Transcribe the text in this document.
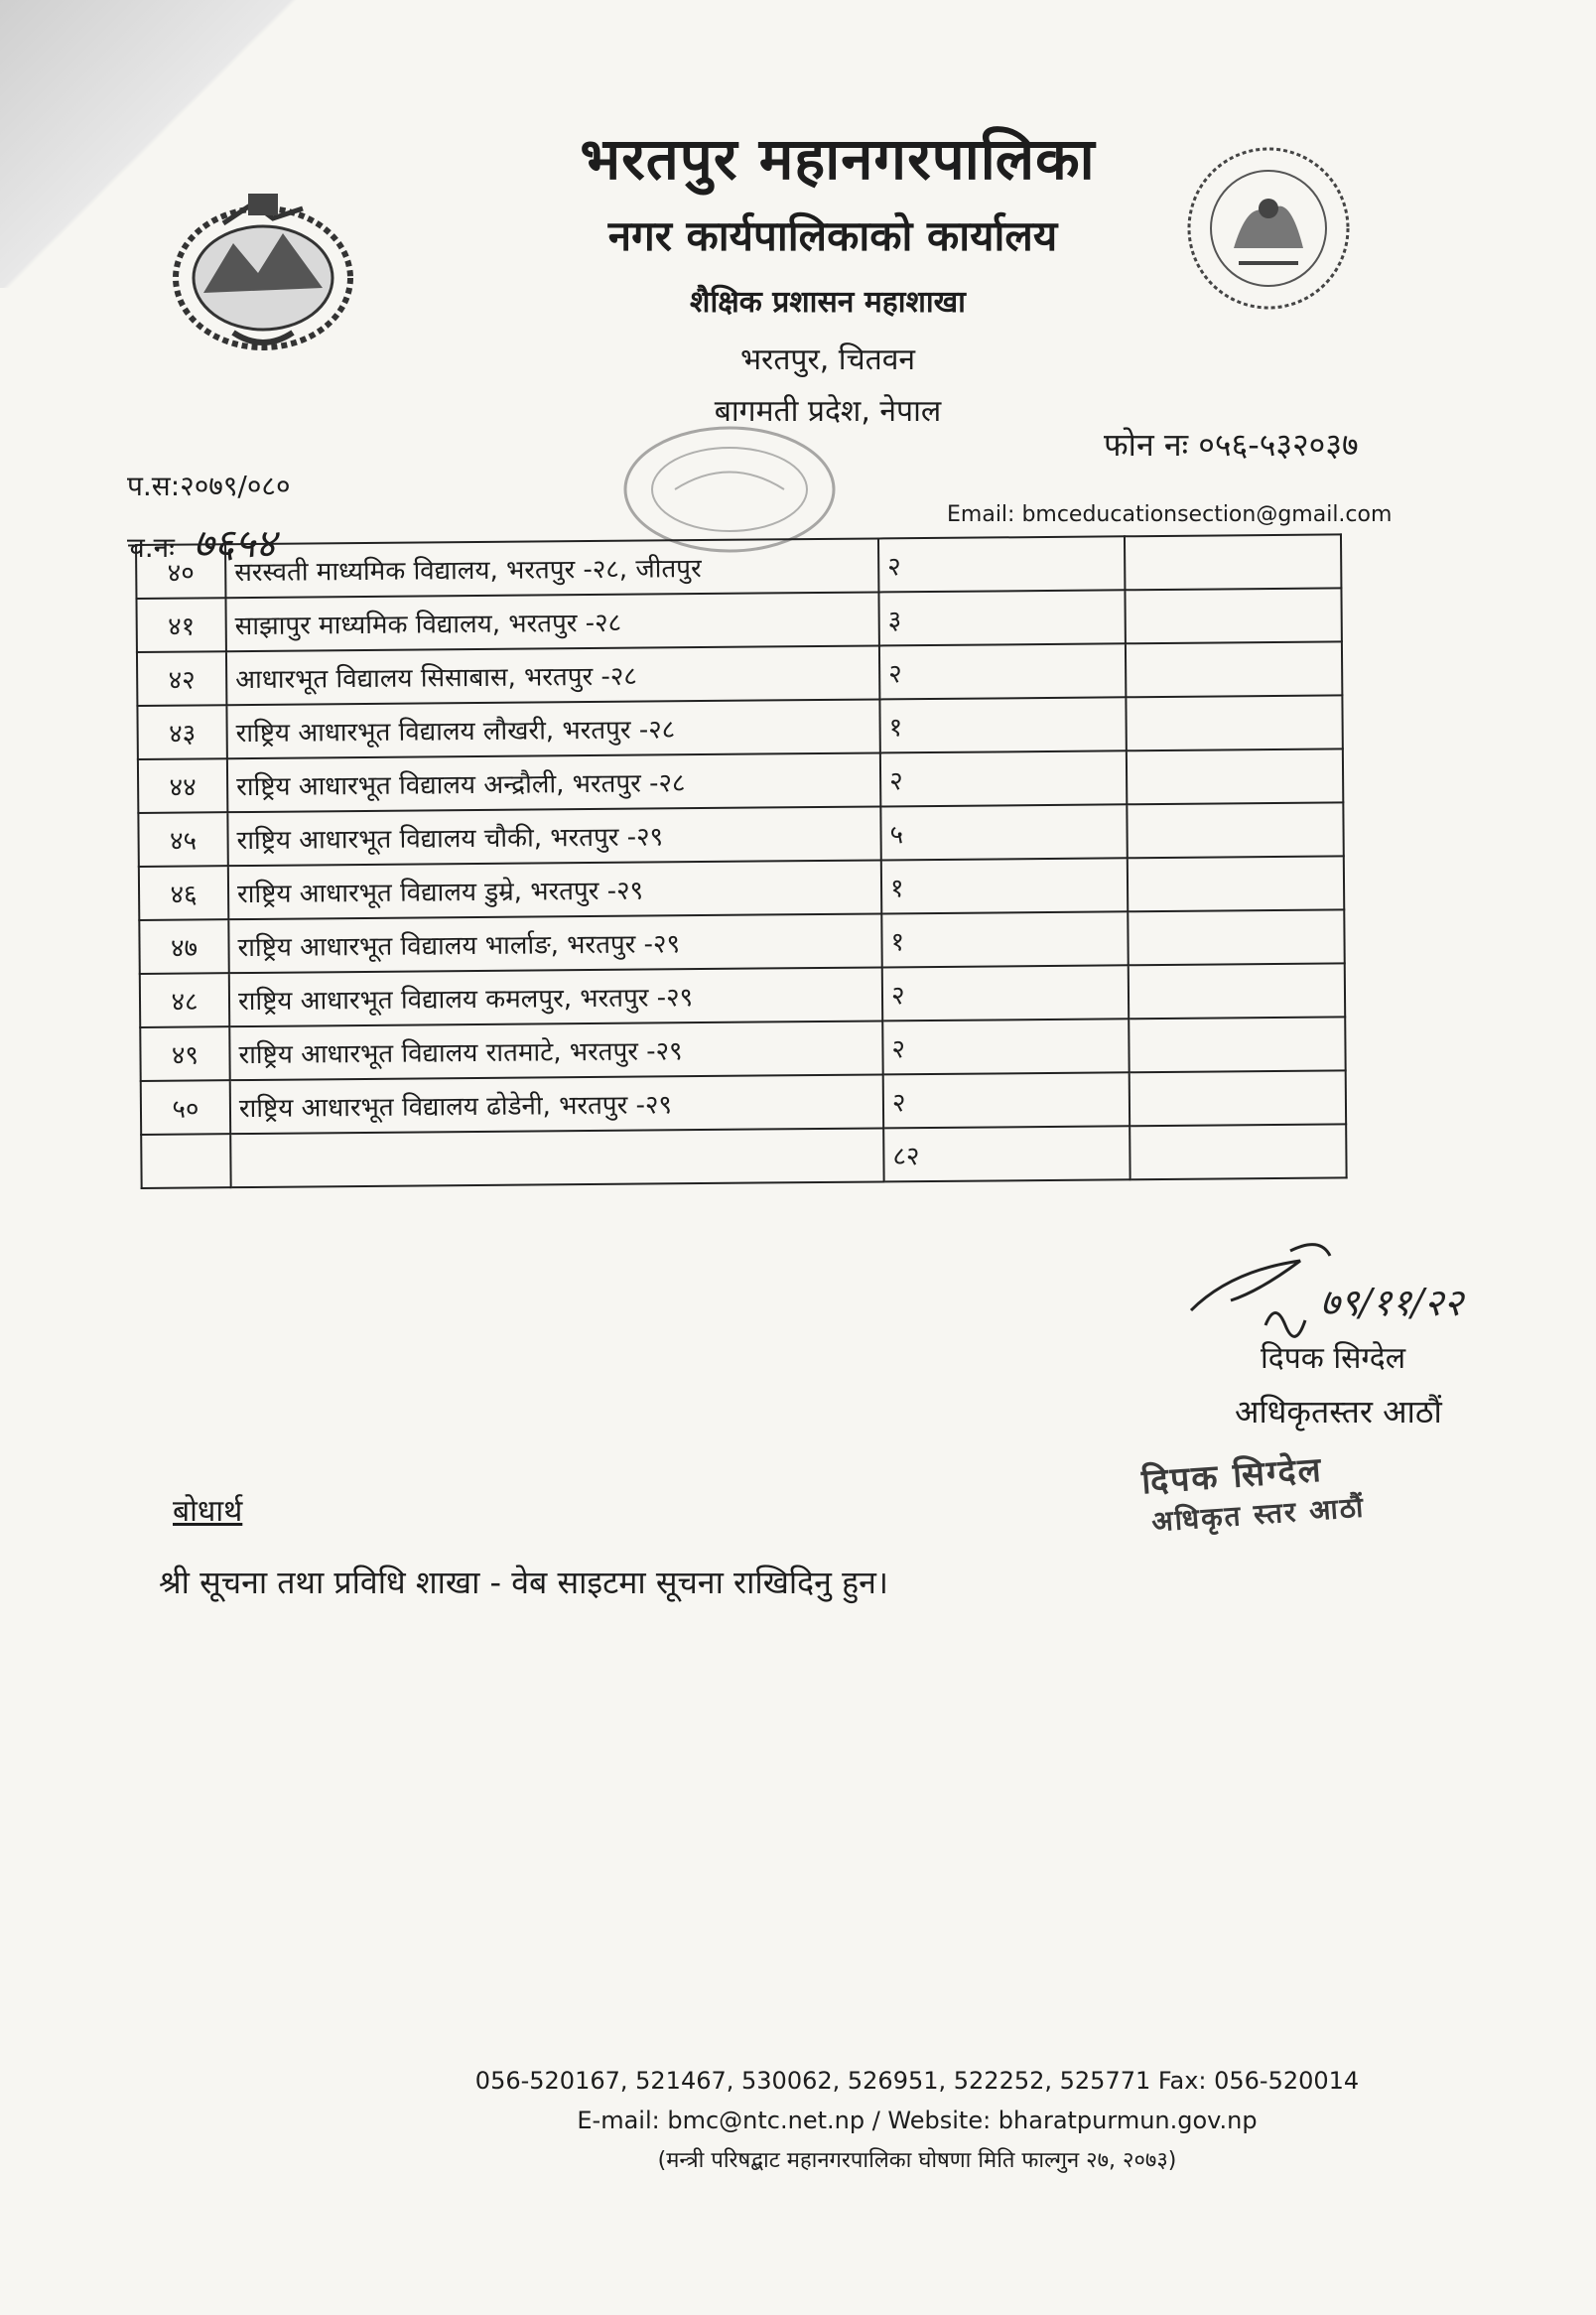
भरतपुर महानगरपालिका
नगर कार्यपालिकाको कार्यालय
शैक्षिक प्रशासन महाशाखा
भरतपुर, चितवन
बागमती प्रदेश, नेपाल
फोन नः ०५६-५३२०३७
प.स:२०७९/०८०
च.नः ७६५४
Email: bmceducationsection@gmail.com
४०	सरस्वती माध्यमिक विद्यालय, भरतपुर -२८, जीतपुर	२	
४१	साझापुर माध्यमिक विद्यालय, भरतपुर -२८	३	
४२	आधारभूत विद्यालय सिसाबास, भरतपुर -२८	२	
४३	राष्ट्रिय आधारभूत विद्यालय लौखरी, भरतपुर -२८	१	
४४	राष्ट्रिय आधारभूत विद्यालय अन्द्रौली, भरतपुर -२८	२	
४५	राष्ट्रिय आधारभूत विद्यालय चौकी, भरतपुर -२९	५	
४६	राष्ट्रिय आधारभूत विद्यालय डुम्रे, भरतपुर -२९	१	
४७	राष्ट्रिय आधारभूत विद्यालय भार्लाङ, भरतपुर -२९	१	
४८	राष्ट्रिय आधारभूत विद्यालय कमलपुर, भरतपुर -२९	२	
४९	राष्ट्रिय आधारभूत विद्यालय रातमाटे, भरतपुर -२९	२	
५०	राष्ट्रिय आधारभूत विद्यालय ढोडेनी, भरतपुर -२९	२	
		८२	
७९/११/२२
दिपक सिग्देल
अधिकृतस्तर आठौं
दिपक सिग्देल
अधिकृत स्तर आठौं
बोधार्थ
श्री सूचना तथा प्रविधि शाखा - वेब साइटमा सूचना राखिदिनु हुन।
056-520167, 521467, 530062, 526951, 522252, 525771 Fax: 056-520014
E-mail: bmc@ntc.net.np / Website: bharatpurmun.gov.np
(मन्त्री परिषद्बाट महानगरपालिका घोषणा मिति फाल्गुन २७, २०७३)
